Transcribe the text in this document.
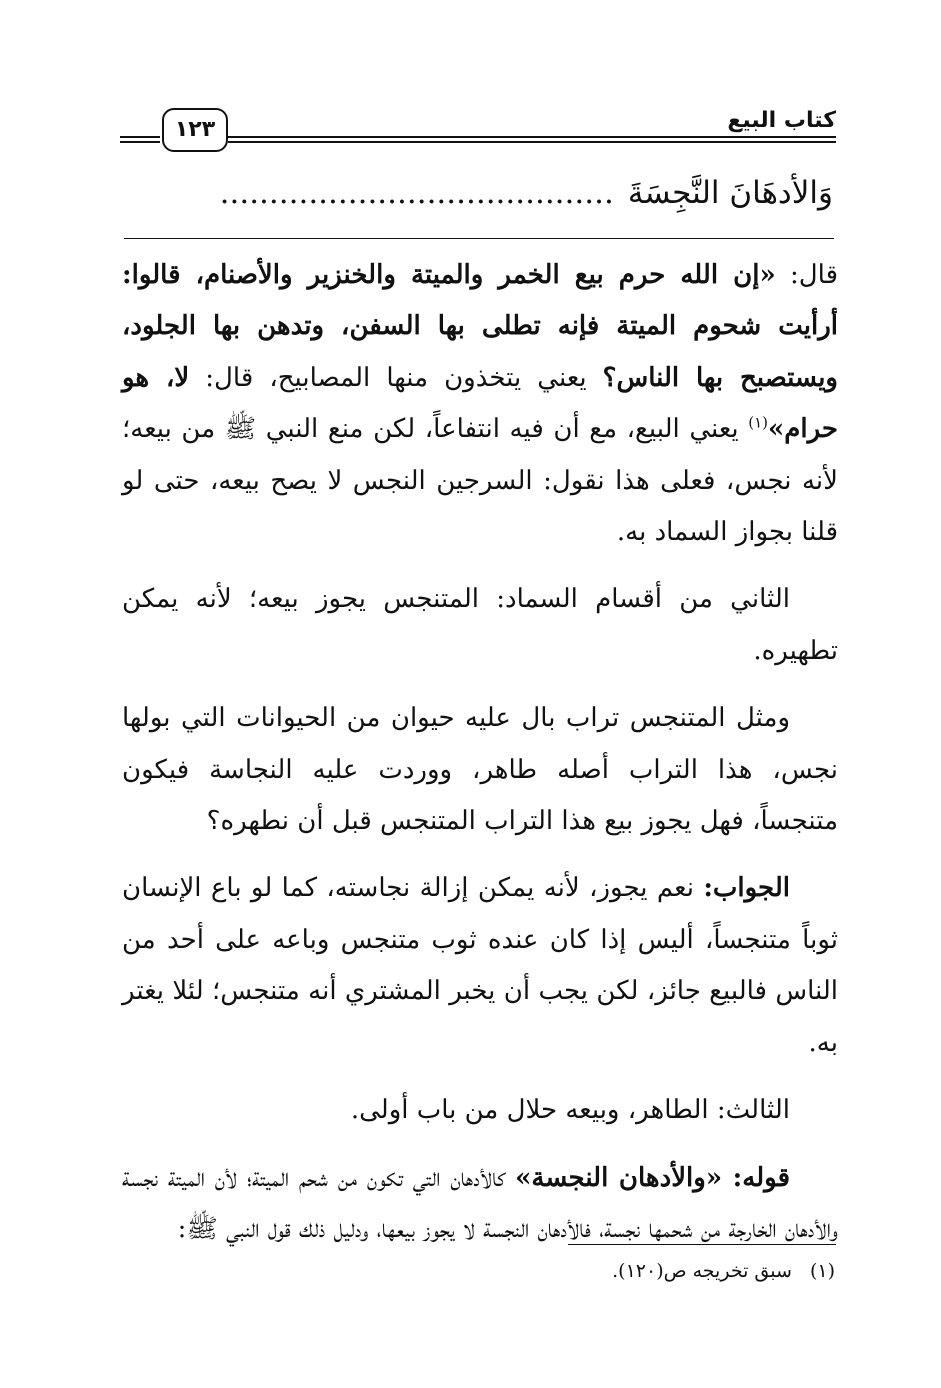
كتاب البيع
١٢٣
وَالأدهَانَ النَّجِسَةَ........................................

قال: «إن الله حرم بيع الخمر والميتة والخنزير والأصنام، قالوا: أرأيت شحوم الميتة فإنه تطلى بها السفن، وتدهن بها الجلود، ويستصبح بها الناس؟ يعني يتخذون منها المصابيح، قال: لا، هو حرام»$^{(١)}$ يعني البيع، مع أن فيه انتفاعاً، لكن منع النبي ﷺ من بيعه؛ لأنه نجس، فعلى هذا نقول: السرجين النجس لا يصح بيعه، حتى لو قلنا بجواز السماد به.

الثاني من أقسام السماد: المتنجس يجوز بيعه؛ لأنه يمكن تطهيره.

ومثل المتنجس تراب بال عليه حيوان من الحيوانات التي بولها نجس، هذا التراب أصله طاهر، ووردت عليه النجاسة فيكون متنجساً، فهل يجوز بيع هذا التراب المتنجس قبل أن نطهره؟

الجواب: نعم يجوز، لأنه يمكن إزالة نجاسته، كما لو باع الإنسان ثوباً متنجساً، أليس إذا كان عنده ثوب متنجس وباعه على أحد من الناس فالبيع جائز، لكن يجب أن يخبر المشتري أنه متنجس؛ لئلا يغتر به.

الثالث: الطاهر، وبيعه حلال من باب أولى.

قوله: «والأدهان النجسة» كالأدهان التي تكون من شحم الميتة؛ لأن الميتة نجسة والأدهان الخارجة من شحمها نجسة، فالأدهان النجسة لا يجوز بيعها، ودليل ذلك قول النبي ﷺ:

(١)سبق تخريجه ص(١٢٠).
